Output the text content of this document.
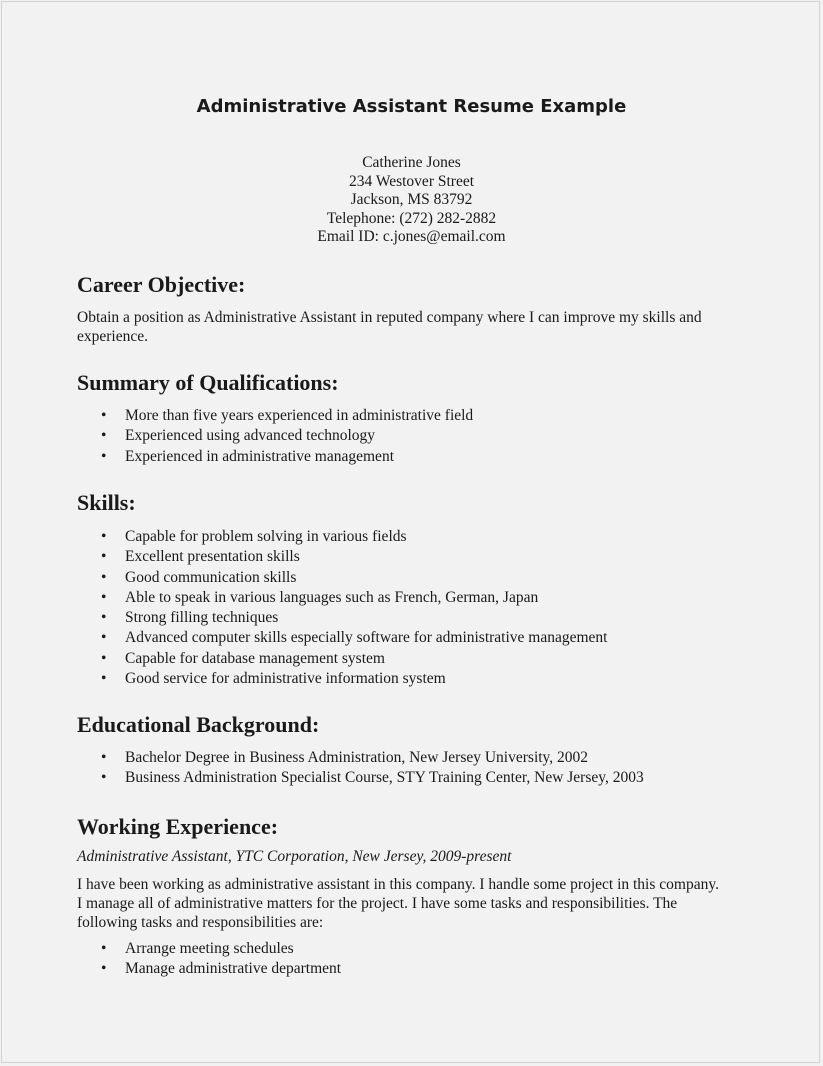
Administrative Assistant Resume Example
Catherine Jones
234 Westover Street
Jackson, MS 83792
Telephone: (272) 282-2882
Email ID: c.jones@email.com
Career Objective:

Obtain a position as Administrative Assistant in reputed company where I can improve my skills and
experience.

Summary of Qualifications:
• More than five years experienced in administrative field
• Experienced using advanced technology
• Experienced in administrative management
Skills:
• Capable for problem solving in various fields
• Excellent presentation skills
• Good communication skills
• Able to speak in various languages such as French, German, Japan
• Strong filling techniques
• Advanced computer skills especially software for administrative management
• Capable for database management system
• Good service for administrative information system
Educational Background:
• Bachelor Degree in Business Administration, New Jersey University, 2002
• Business Administration Specialist Course, STY Training Center, New Jersey, 2003
Working Experience:

Administrative Assistant, YTC Corporation, New Jersey, 2009-present

I have been working as administrative assistant in this company. I handle some project in this company.
I manage all of administrative matters for the project. I have some tasks and responsibilities. The
following tasks and responsibilities are:

• Arrange meeting schedules
• Manage administrative department
